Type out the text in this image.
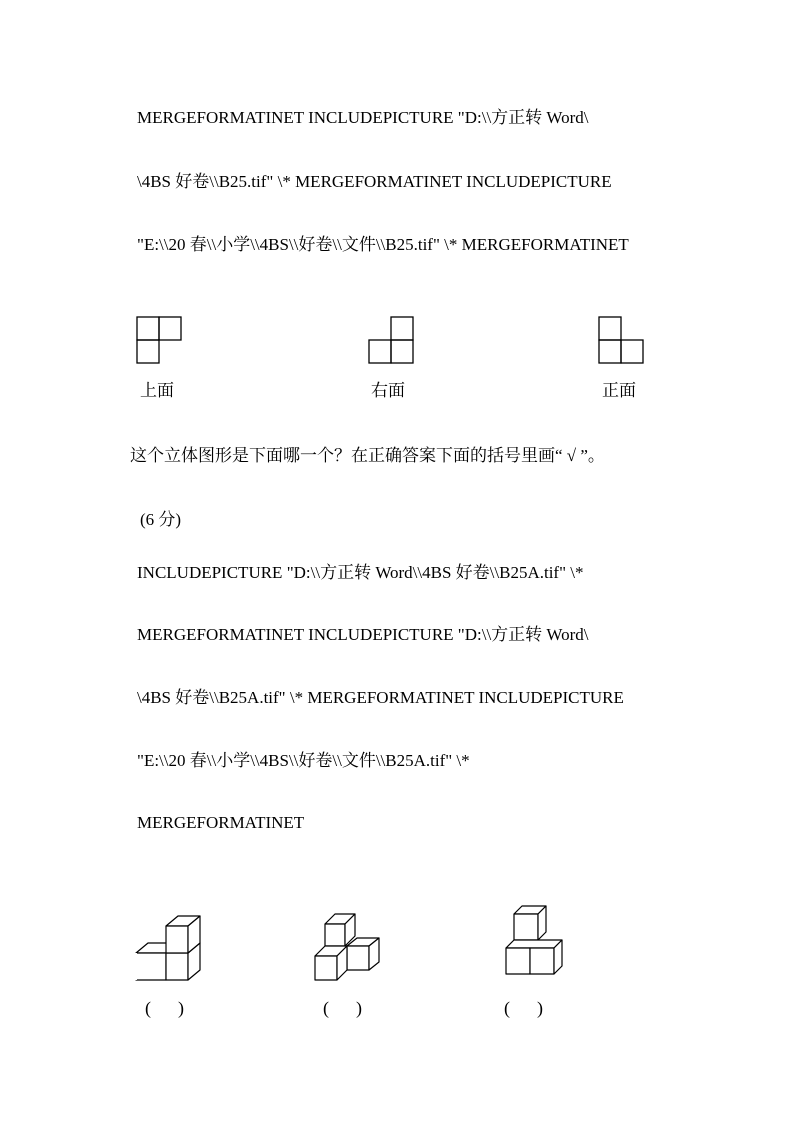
MERGEFORMATINET INCLUDEPICTURE "D:\\方正转 Word\
\4BS 好卷\\B25.tif" \* MERGEFORMATINET INCLUDEPICTURE
"E:\\20 春\\小学\\4BS\\好卷\\文件\\B25.tif" \* MERGEFORMATINET
上面	右面	正面
这个立体图形是下面哪一个？在正确答案下面的括号里画“ √ ”。
(6 分)
INCLUDEPICTURE "D:\\方正转 Word\\4BS 好卷\\B25A.tif" \*
MERGEFORMATINET INCLUDEPICTURE "D:\\方正转 Word\
\4BS 好卷\\B25A.tif" \* MERGEFORMATINET INCLUDEPICTURE
"E:\\20 春\\小学\\4BS\\好卷\\文件\\B25A.tif" \*
MERGEFORMATINET
(      )	(      )	(      )
